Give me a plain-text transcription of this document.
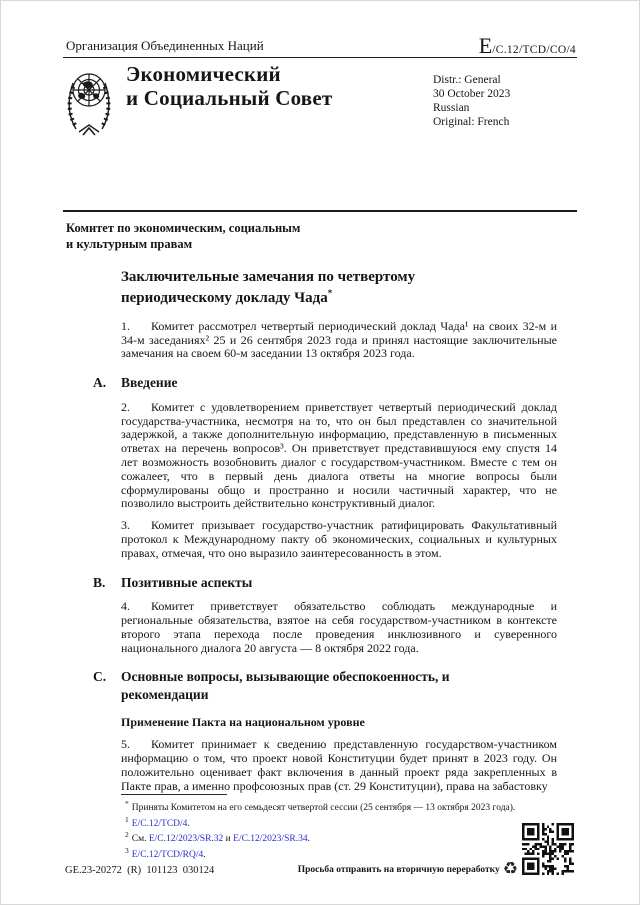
Организация Объединенных Наций	E/C.12/TCD/CO/4
Экономический
и Социальный Совет
Distr.: General
30 October 2023
Russian
Original: French
Комитет по экономическим, социальным
и культурным правам
Заключительные замечания по четвертому периодическому докладу Чада*

1. Комитет рассмотрел четвертый периодический доклад Чада¹ на своих 32-м и 34-м заседаниях² 25 и 26 сентября 2023 года и принял настоящие заключительные замечания на своем 60-м заседании 13 октября 2023 года.

A. Введение

2. Комитет с удовлетворением приветствует четвертый периодический доклад государства-участника, несмотря на то, что он был представлен со значительной задержкой, а также дополнительную информацию, представленную в письменных ответах на перечень вопросов³. Он приветствует представившуюся ему спустя 14 лет возможность возобновить диалог с государством-участником. Вместе с тем он сожалеет, что в первый день диалога ответы на многие вопросы были сформулированы общо и пространно и носили частичный характер, что не позволило выстроить действительно конструктивный диалог.

3. Комитет призывает государство-участник ратифицировать Факультативный протокол к Международному пакту об экономических, социальных и культурных правах, отмечая, что оно выразило заинтересованность в этом.

B. Позитивные аспекты

4. Комитет приветствует обязательство соблюдать международные и региональные обязательства, взятое на себя государством-участником в контексте второго этапа перехода после проведения инклюзивного и суверенного национального диалога 20 августа — 8 октября 2022 года.

C. Основные вопросы, вызывающие обеспокоенность, и рекомендации
Применение Пакта на национальном уровне

5. Комитет принимает к сведению представленную государством-участником информацию о том, что проект новой Конституции будет принят в 2023 году. Он положительно оценивает факт включения в данный проект ряда закрепленных в Пакте прав, а именно профсоюзных прав (ст. 29 Конституции), права на забастовку

* Приняты Комитетом на его семьдесят четвертой сессии (25 сентября — 13 октября 2023 года).
$^1$ E/C.12/TCD/4.
$^2$ См. E/C.12/2023/SR.32 и E/C.12/2023/SR.34.
$^3$ E/C.12/TCD/RQ/4.
GE.23-20272  (R)  101123  030124	Просьба отправить на вторичную переработку ♻
